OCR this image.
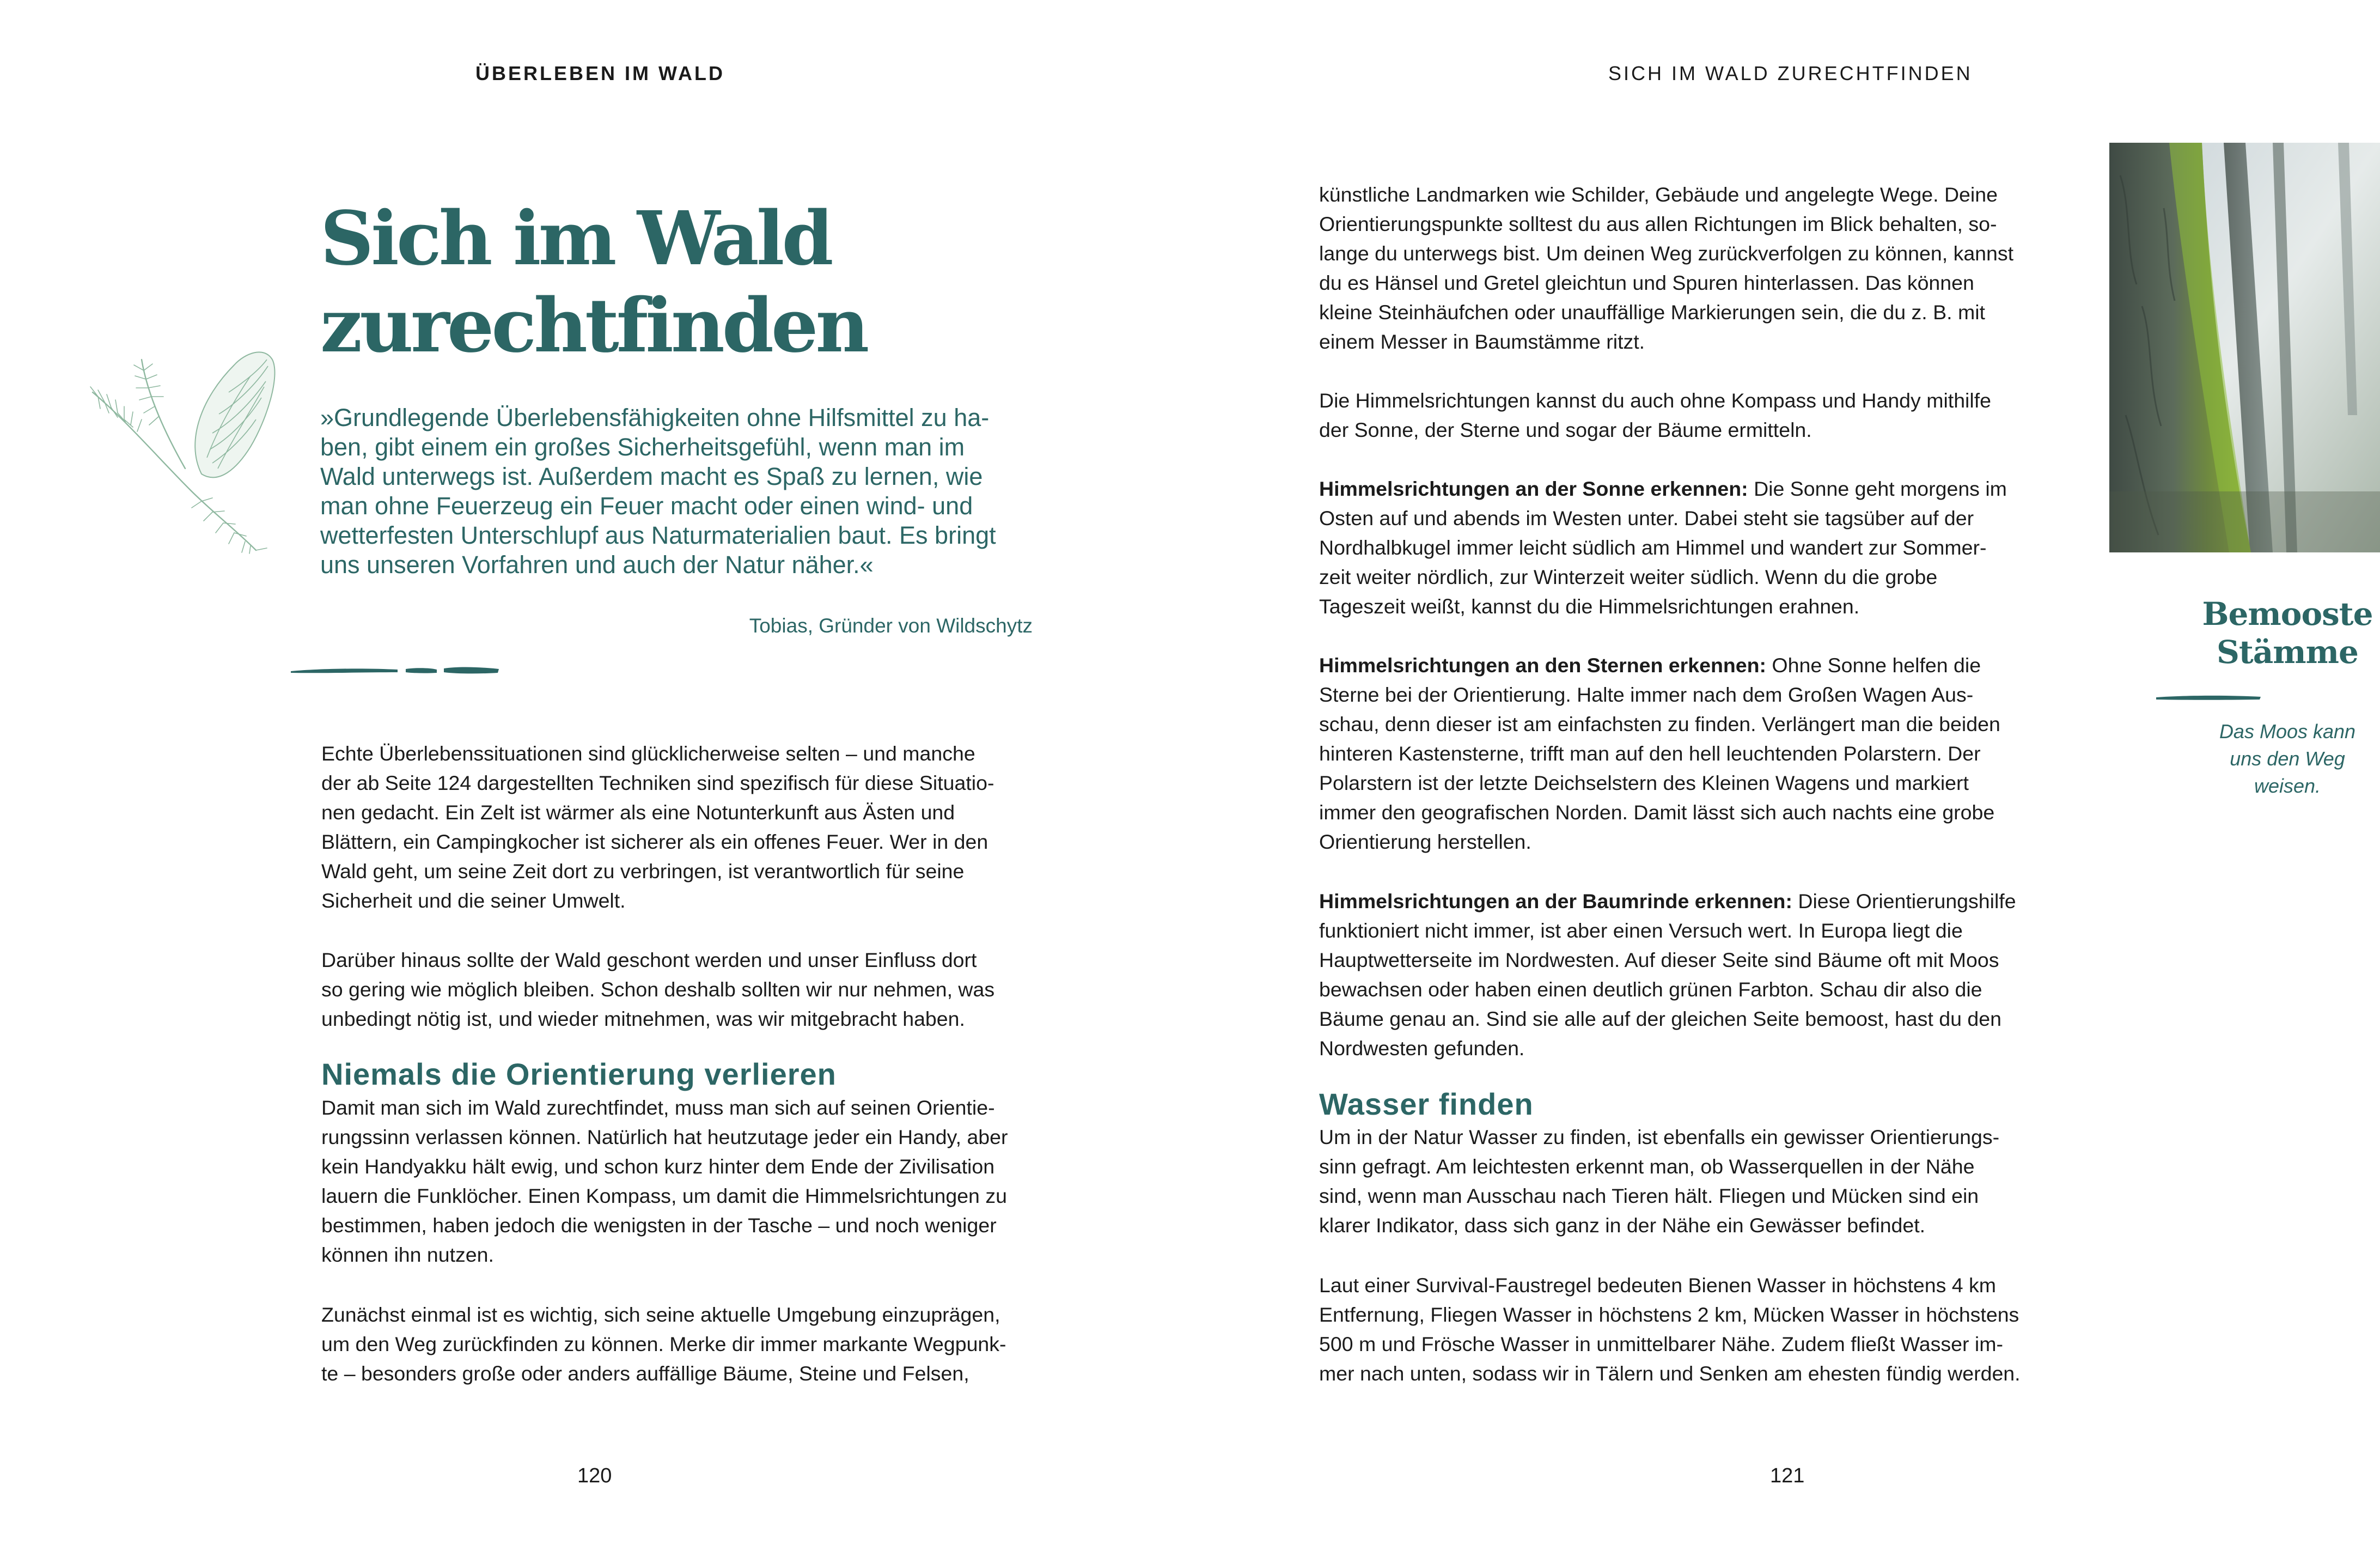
ÜBERLEBEN IM WALD
Sich im Wald
zurechtfinden

»Grundlegende Überlebensfähigkeiten ohne Hilfsmittel zu ha-
ben, gibt einem ein großes Sicherheitsgefühl, wenn man im
Wald unterwegs ist. Außerdem macht es Spaß zu lernen, wie
man ohne Feuerzeug ein Feuer macht oder einen wind- und
wetterfesten Unterschlupf aus Naturmaterialien baut. Es bringt
uns unseren Vorfahren und auch der Natur näher.«

Tobias, Gründer von Wildschytz

Echte Überlebenssituationen sind glücklicherweise selten – und manche
der ab Seite 124 dargestellten Techniken sind spezifisch für diese Situatio-
nen gedacht. Ein Zelt ist wärmer als eine Notunterkunft aus Ästen und
Blättern, ein Campingkocher ist sicherer als ein offenes Feuer. Wer in den
Wald geht, um seine Zeit dort zu verbringen, ist verantwortlich für seine
Sicherheit und die seiner Umwelt.

Darüber hinaus sollte der Wald geschont werden und unser Einfluss dort
so gering wie möglich bleiben. Schon deshalb sollten wir nur nehmen, was
unbedingt nötig ist, und wieder mitnehmen, was wir mitgebracht haben.

Niemals die Orientierung verlieren

Damit man sich im Wald zurechtfindet, muss man sich auf seinen Orientie-
rungssinn verlassen können. Natürlich hat heutzutage jeder ein Handy, aber
kein Handyakku hält ewig, und schon kurz hinter dem Ende der Zivilisation
lauern die Funklöcher. Einen Kompass, um damit die Himmelsrichtungen zu
bestimmen, haben jedoch die wenigsten in der Tasche – und noch weniger
können ihn nutzen.

Zunächst einmal ist es wichtig, sich seine aktuelle Umgebung einzuprägen,
um den Weg zurückfinden zu können. Merke dir immer markante Wegpunk-
te – besonders große oder anders auffällige Bäume, Steine und Felsen,

120
SICH IM WALD ZURECHTFINDEN

künstliche Landmarken wie Schilder, Gebäude und angelegte Wege. Deine
Orientierungspunkte solltest du aus allen Richtungen im Blick behalten, so-
lange du unterwegs bist. Um deinen Weg zurückverfolgen zu können, kannst
du es Hänsel und Gretel gleichtun und Spuren hinterlassen. Das können
kleine Steinhäufchen oder unauffällige Markierungen sein, die du z. B. mit
einem Messer in Baumstämme ritzt.

Die Himmelsrichtungen kannst du auch ohne Kompass und Handy mithilfe
der Sonne, der Sterne und sogar der Bäume ermitteln.

Himmelsrichtungen an der Sonne erkennen: Die Sonne geht morgens im
Osten auf und abends im Westen unter. Dabei steht sie tagsüber auf der
Nordhalbkugel immer leicht südlich am Himmel und wandert zur Sommer-
zeit weiter nördlich, zur Winterzeit weiter südlich. Wenn du die grobe
Tageszeit weißt, kannst du die Himmelsrichtungen erahnen.

Himmelsrichtungen an den Sternen erkennen: Ohne Sonne helfen die
Sterne bei der Orientierung. Halte immer nach dem Großen Wagen Aus-
schau, denn dieser ist am einfachsten zu finden. Verlängert man die beiden
hinteren Kastensterne, trifft man auf den hell leuchtenden Polarstern. Der
Polarstern ist der letzte Deichselstern des Kleinen Wagens und markiert
immer den geografischen Norden. Damit lässt sich auch nachts eine grobe
Orientierung herstellen.

Himmelsrichtungen an der Baumrinde erkennen: Diese Orientierungshilfe
funktioniert nicht immer, ist aber einen Versuch wert. In Europa liegt die
Hauptwetterseite im Nordwesten. Auf dieser Seite sind Bäume oft mit Moos
bewachsen oder haben einen deutlich grünen Farbton. Schau dir also die
Bäume genau an. Sind sie alle auf der gleichen Seite bemoost, hast du den
Nordwesten gefunden.

Wasser finden

Um in der Natur Wasser zu finden, ist ebenfalls ein gewisser Orientierungs-
sinn gefragt. Am leichtesten erkennt man, ob Wasserquellen in der Nähe
sind, wenn man Ausschau nach Tieren hält. Fliegen und Mücken sind ein
klarer Indikator, dass sich ganz in der Nähe ein Gewässer befindet.

Laut einer Survival-Faustregel bedeuten Bienen Wasser in höchstens 4 km
Entfernung, Fliegen Wasser in höchstens 2 km, Mücken Wasser in höchstens
500 m und Frösche Wasser in unmittelbarer Nähe. Zudem fließt Wasser im-
mer nach unten, sodass wir in Tälern und Senken am ehesten fündig werden.

Bemooste
Stämme

Das Moos kann
uns den Weg
weisen.

121
